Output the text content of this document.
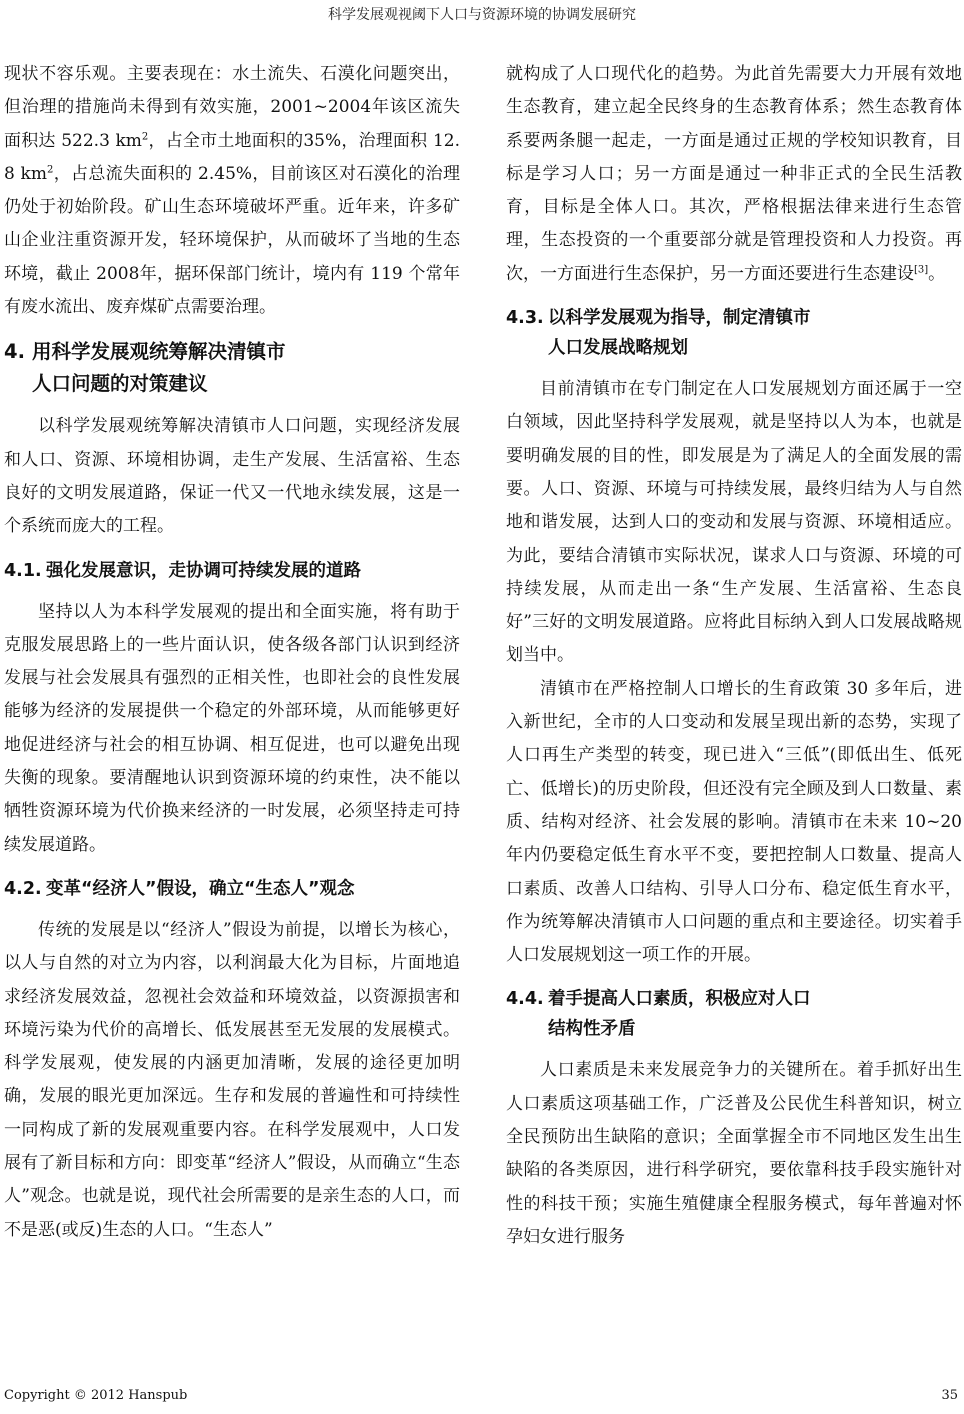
科学发展观视阈下人口与资源环境的协调发展研究

现状不容乐观。主要表现在：水土流失、石漠化问题突出，但治理的措施尚未得到有效实施，2001~2004年该区流失面积达 522.3 $km^2$，占全市土地面积的35%，治理面积 12.8 $km^2$，占总流失面积的 2.45%，目前该区对石漠化的治理仍处于初始阶段。矿山生态环境破坏严重。近年来，许多矿山企业注重资源开发，轻环境保护，从而破坏了当地的生态环境，截止 2008年，据环保部门统计，境内有 119 个常年有废水流出、废弃煤矿点需要治理。

4. 用科学发展观统筹解决清镇市
人口问题的对策建议

以科学发展观统筹解决清镇市人口问题，实现经济发展和人口、资源、环境相协调，走生产发展、生活富裕、生态良好的文明发展道路，保证一代又一代地永续发展，这是一个系统而庞大的工程。

4.1. 强化发展意识，走协调可持续发展的道路

坚持以人为本科学发展观的提出和全面实施，将有助于克服发展思路上的一些片面认识，使各级各部门认识到经济发展与社会发展具有强烈的正相关性，也即社会的良性发展能够为经济的发展提供一个稳定的外部环境，从而能够更好地促进经济与社会的相互协调、相互促进，也可以避免出现失衡的现象。要清醒地认识到资源环境的约束性，决不能以牺牲资源环境为代价换来经济的一时发展，必须坚持走可持续发展道路。

4.2. 变革“经济人”假设，确立“生态人”观念

传统的发展是以“经济人”假设为前提，以增长为核心，以人与自然的对立为内容，以利润最大化为目标，片面地追求经济发展效益，忽视社会效益和环境效益，以资源损害和环境污染为代价的高增长、低发展甚至无发展的发展模式。科学发展观，使发展的内涵更加清晰，发展的途径更加明确，发展的眼光更加深远。生存和发展的普遍性和可持续性一同构成了新的发展观重要内容。在科学发展观中，人口发展有了新目标和方向：即变革“经济人”假设，从而确立“生态人”观念。也就是说，现代社会所需要的是亲生态的人口，而不是恶(或反)生态的人口。“生态人”

就构成了人口现代化的趋势。为此首先需要大力开展有效地生态教育，建立起全民终身的生态教育体系；然生态教育体系要两条腿一起走，一方面是通过正规的学校知识教育，目标是学习人口；另一方面是通过一种非正式的全民生活教育，目标是全体人口。其次，严格根据法律来进行生态管理，生态投资的一个重要部分就是管理投资和人力投资。再次，一方面进行生态保护，另一方面还要进行生态建设[3]。

4.3. 以科学发展观为指导，制定清镇市
人口发展战略规划

目前清镇市在专门制定在人口发展规划方面还属于一空白领域，因此坚持科学发展观，就是坚持以人为本，也就是要明确发展的目的性，即发展是为了满足人的全面发展的需要。人口、资源、环境与可持续发展，最终归结为人与自然地和谐发展，达到人口的变动和发展与资源、环境相适应。为此，要结合清镇市实际状况，谋求人口与资源、环境的可持续发展，从而走出一条“生产发展、生活富裕、生态良好”三好的文明发展道路。应将此目标纳入到人口发展战略规划当中。

清镇市在严格控制人口增长的生育政策 30 多年后，进入新世纪，全市的人口变动和发展呈现出新的态势，实现了人口再生产类型的转变，现已进入“三低”(即低出生、低死亡、低增长)的历史阶段，但还没有完全顾及到人口数量、素质、结构对经济、社会发展的影响。清镇市在未来 10~20 年内仍要稳定低生育水平不变，要把控制人口数量、提高人口素质、改善人口结构、引导人口分布、稳定低生育水平，作为统筹解决清镇市人口问题的重点和主要途径。切实着手人口发展规划这一项工作的开展。

4.4. 着手提高人口素质，积极应对人口
结构性矛盾

人口素质是未来发展竞争力的关键所在。着手抓好出生人口素质这项基础工作，广泛普及公民优生科普知识，树立全民预防出生缺陷的意识；全面掌握全市不同地区发生出生缺陷的各类原因，进行科学研究，要依靠科技手段实施针对性的科技干预；实施生殖健康全程服务模式，每年普遍对怀孕妇女进行服务

Copyright © 2012 Hanspub	35
